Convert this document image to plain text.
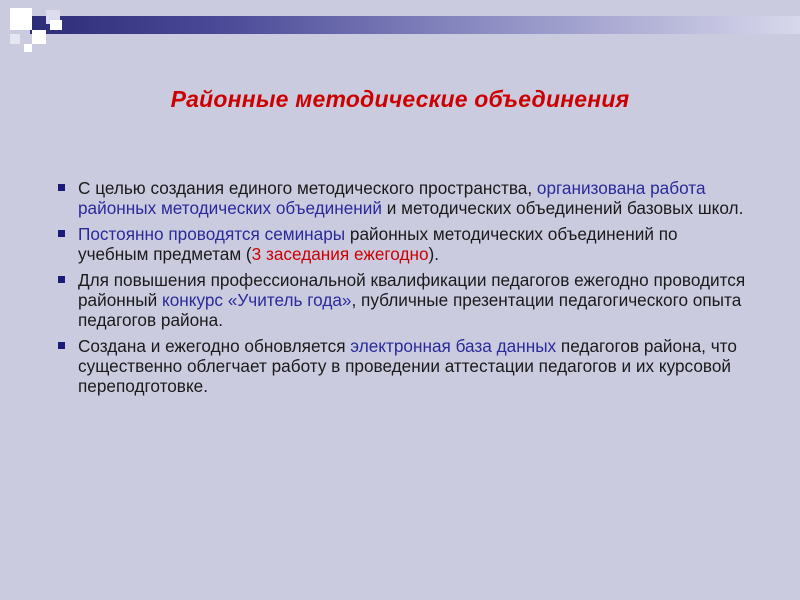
Районные методические объединения
С целью создания единого методического пространства, организована работа районных методических объединений и методических объединений базовых школ.
Постоянно проводятся семинары районных методических объединений по учебным предметам (3 заседания ежегодно).
Для повышения профессиональной квалификации педагогов ежегодно проводится районный конкурс «Учитель года», публичные презентации педагогического опыта педагогов района.
Создана и ежегодно обновляется электронная база данных педагогов района, что существенно облегчает работу в проведении аттестации педагогов и их курсовой переподготовке.
